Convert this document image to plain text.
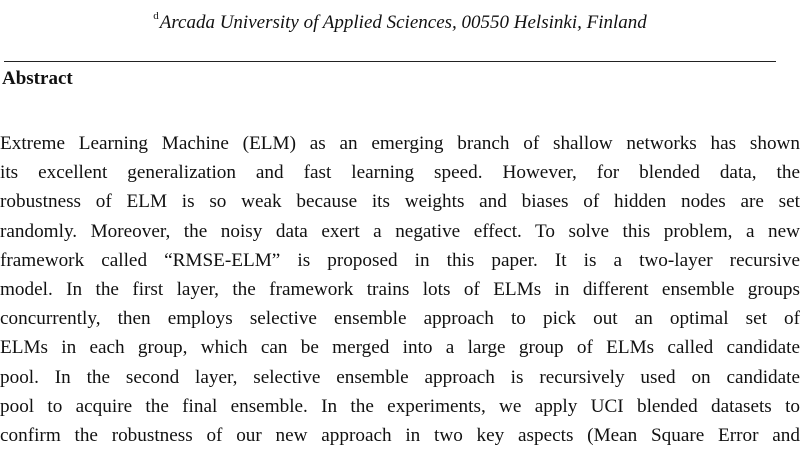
$^d$Arcada University of Applied Sciences, 00550 Helsinki, Finland
Abstract
Extreme Learning Machine (ELM) as an emerging branch of shallow networks has shown
its excellent generalization and fast learning speed. However, for blended data, the
robustness of ELM is so weak because its weights and biases of hidden nodes are set
randomly. Moreover, the noisy data exert a negative effect. To solve this problem, a new
framework called “RMSE-ELM” is proposed in this paper. It is a two-layer recursive
model. In the first layer, the framework trains lots of ELMs in different ensemble groups
concurrently, then employs selective ensemble approach to pick out an optimal set of
ELMs in each group, which can be merged into a large group of ELMs called candidate
pool. In the second layer, selective ensemble approach is recursively used on candidate
pool to acquire the final ensemble. In the experiments, we apply UCI blended datasets to
confirm the robustness of our new approach in two key aspects (Mean Square Error and
